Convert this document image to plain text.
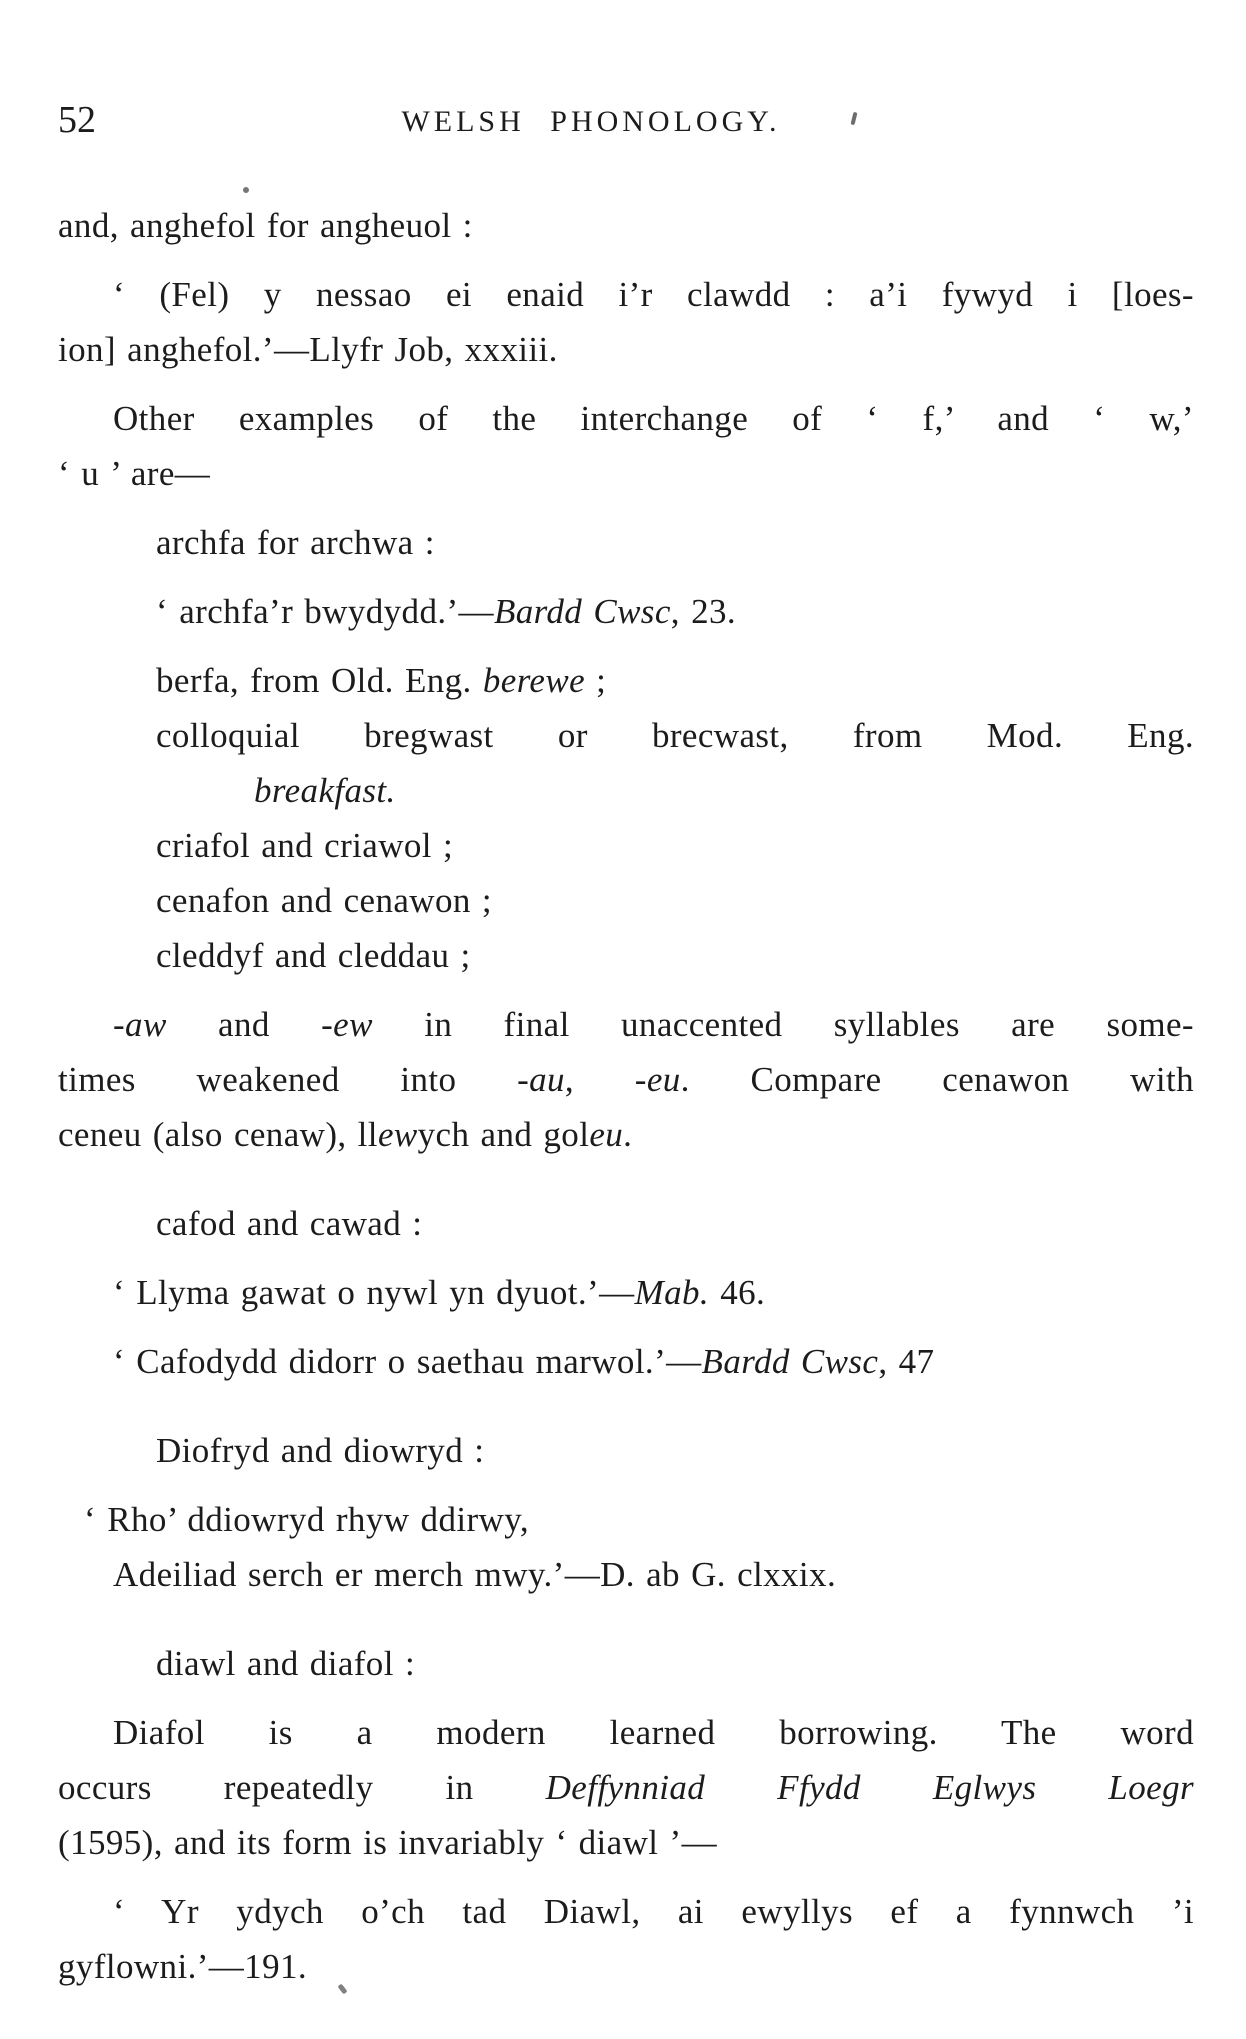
52	WELSH PHONOLOGY.
and, anghefol for angheuol :
‘ (Fel) y nessao ei enaid i’r clawdd : a’i fywyd i [loes-
ion] anghefol.’—Llyfr Job, xxxiii.
Other examples of the interchange of ‘ f,’ and ‘ w,’
‘ u ’ are—
archfa for archwa :
‘ archfa’r bwydydd.’—Bardd Cwsc, 23.
berfa, from Old. Eng. berewe ;
colloquial bregwast or brecwast, from Mod. Eng.
breakfast.
criafol and criawol ;
cenafon and cenawon ;
cleddyf and cleddau ;
-aw and -ew in final unaccented syllables are some-
times weakened into -au, -eu. Compare cenawon with
ceneu (also cenaw), llewych and goleu.
cafod and cawad :
‘ Llyma gawat o nywl yn dyuot.’—Mab. 46.
‘ Cafodydd didorr o saethau marwol.’—Bardd Cwsc, 47
Diofryd and diowryd :
‘ Rho’ ddiowryd rhyw ddirwy,
Adeiliad serch er merch mwy.’—D. ab G. clxxix.
diawl and diafol :
Diafol is a modern learned borrowing. The word
occurs repeatedly in Deffynniad Ffydd Eglwys Loegr
(1595), and its form is invariably ‘ diawl ’—
‘ Yr ydych o’ch tad Diawl, ai ewyllys ef a fynnwch ’i
gyflowni.’—191.
